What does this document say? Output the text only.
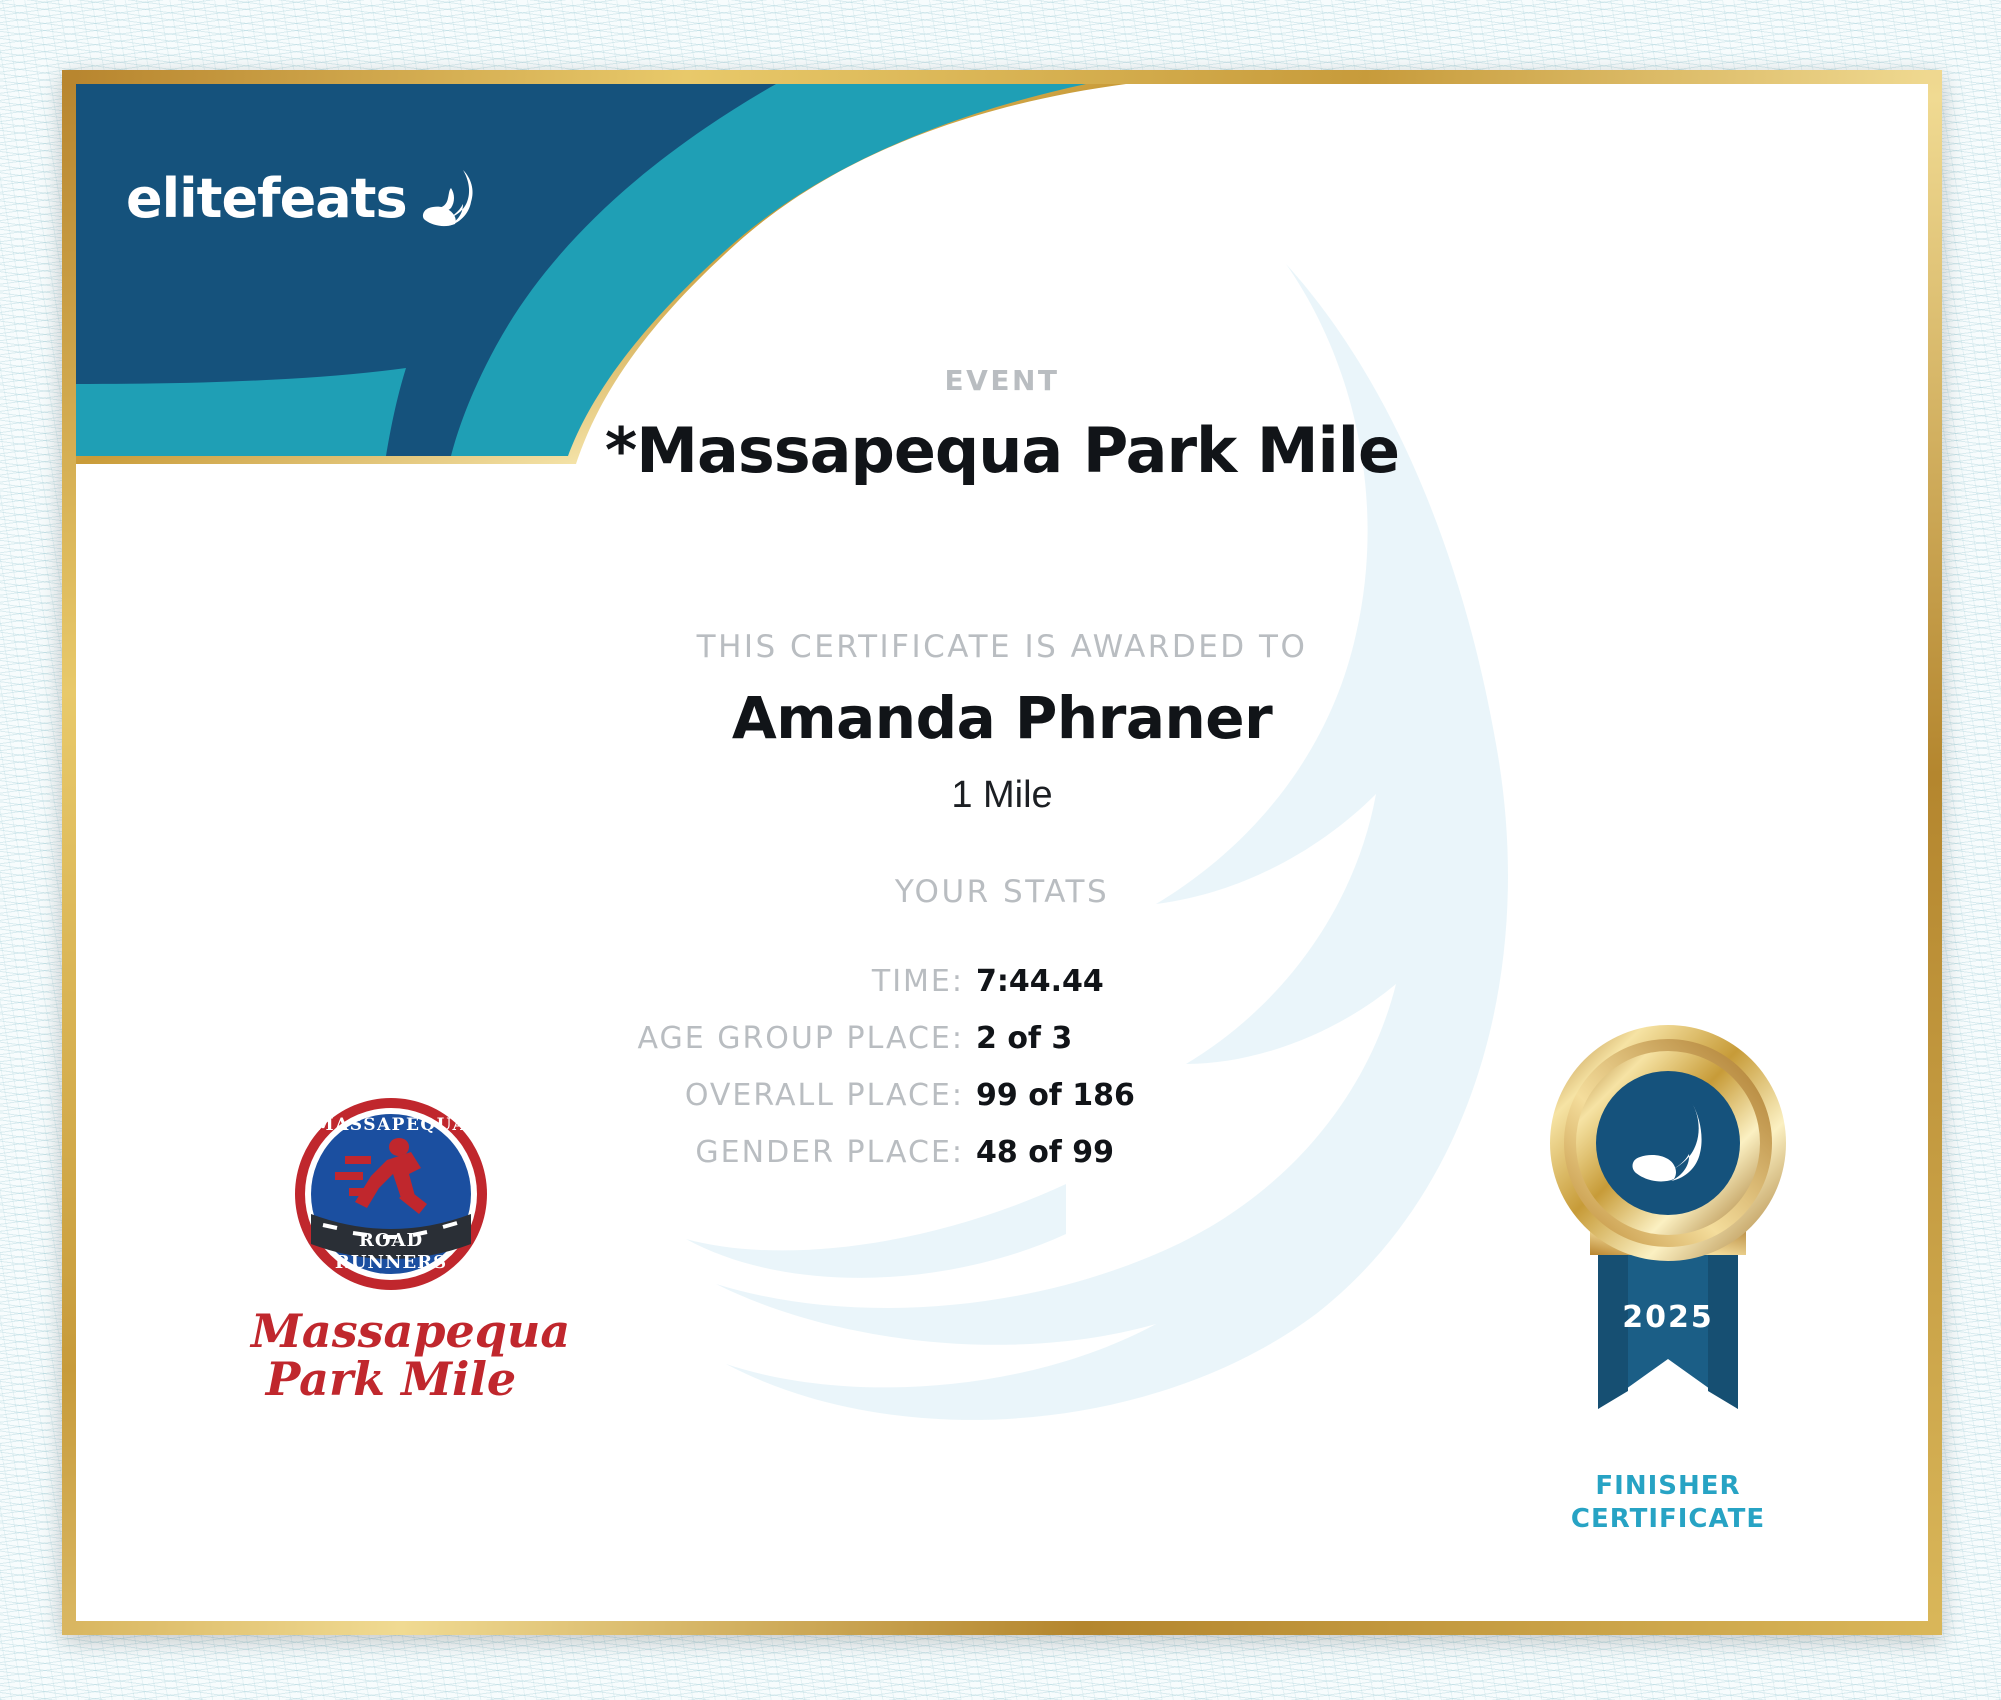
elitefeats
EVENT
*Massapequa Park Mile
THIS CERTIFICATE IS AWARDED TO
Amanda Phraner
1 Mile
YOUR STATS
TIME: 7:44.44
AGE GROUP PLACE: 2 of 3
OVERALL PLACE: 99 of 186
GENDER PLACE: 48 of 99
MASSAPEQUA
ROAD
RUNNERS
Massapequa
Park Mile
2025
FINISHER
CERTIFICATE
